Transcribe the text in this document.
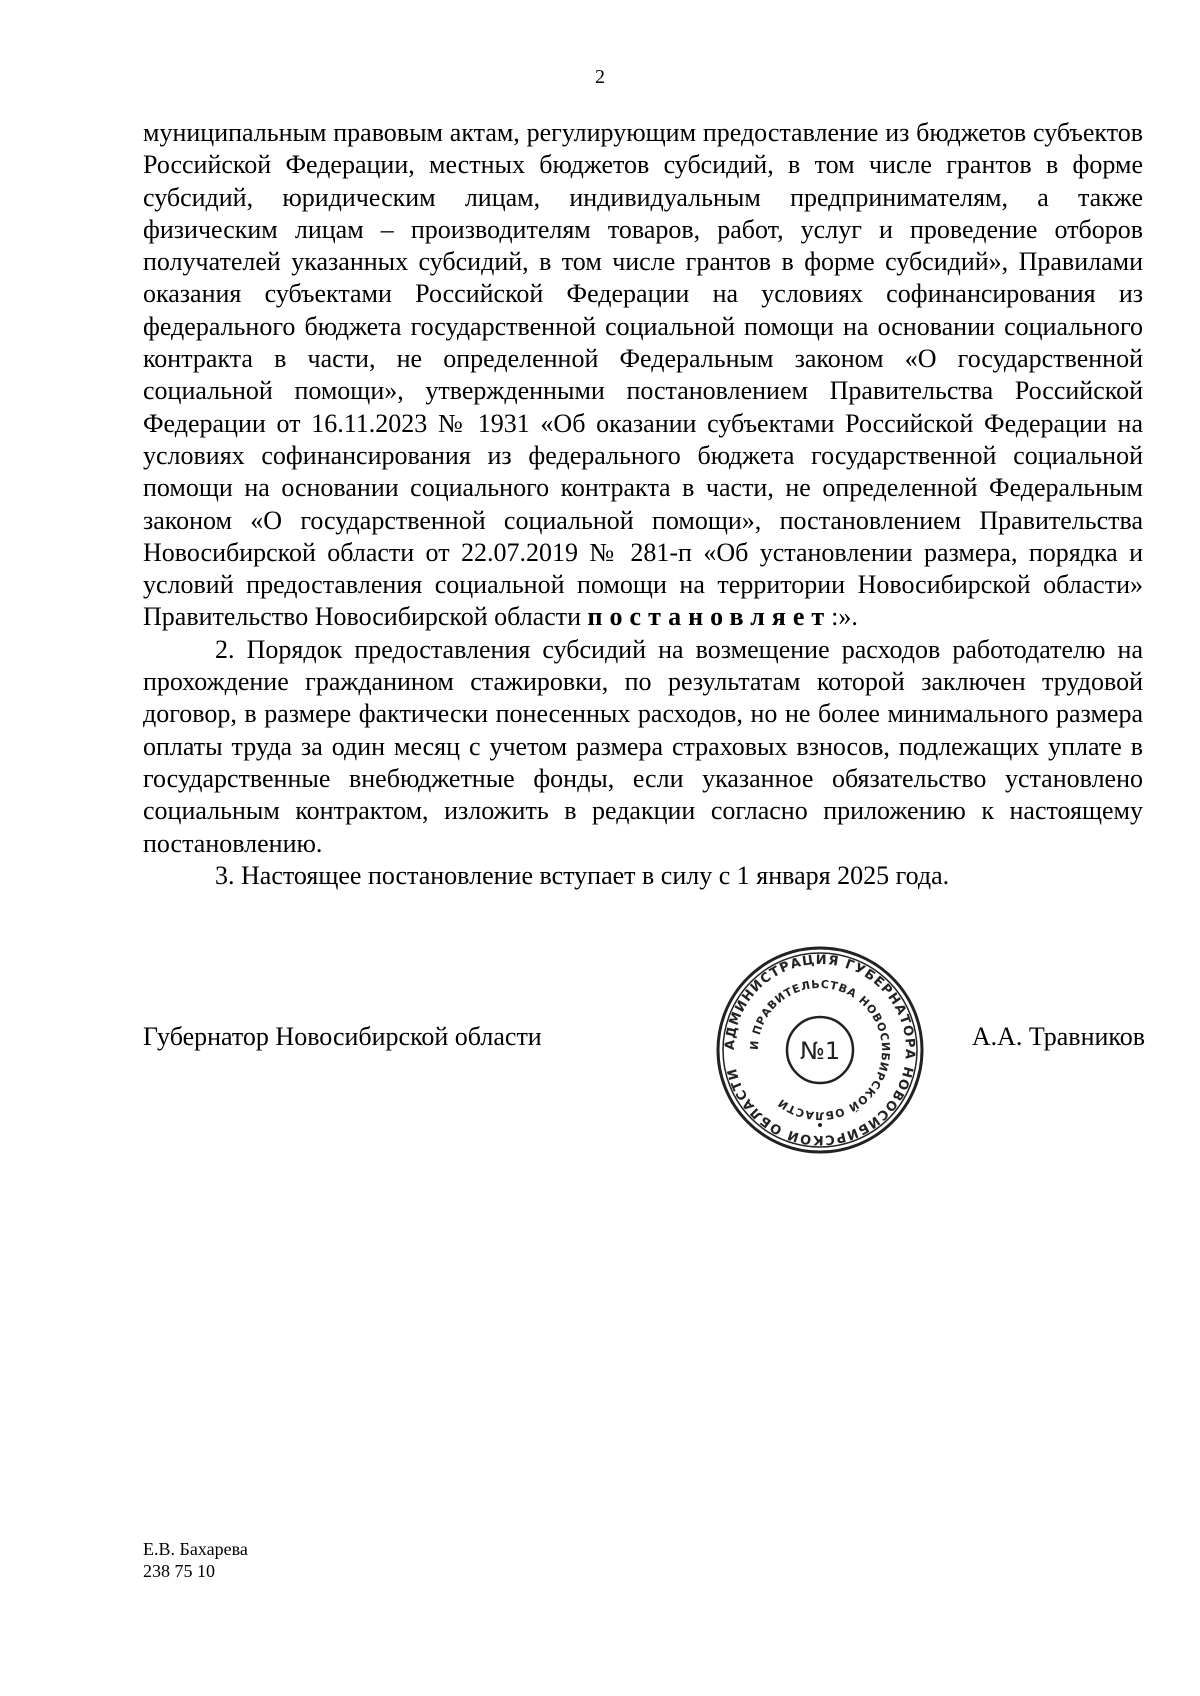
2

муниципальным правовым актам, регулирующим предоставление из бюджетов субъектов Российской Федерации, местных бюджетов субсидий, в том числе грантов в форме субсидий, юридическим лицам, индивидуальным предпринимателям, а также физическим лицам – производителям товаров, работ, услуг и проведение отборов получателей указанных субсидий, в том числе грантов в форме субсидий», Правилами оказания субъектами Российской Федерации на условиях софинансирования из федерального бюджета государственной социальной помощи на основании социального контракта в части, не определенной Федеральным законом «О государственной социальной помощи», утвержденными постановлением Правительства Российской Федерации от 16.11.2023 № 1931 «Об оказании субъектами Российской Федерации на условиях софинансирования из федерального бюджета государственной социальной помощи на основании социального контракта в части, не определенной Федеральным законом «О государственной социальной помощи», постановлением Правительства Новосибирской области от 22.07.2019 № 281-п «Об установлении размера, порядка и условий предоставления социальной помощи на территории Новосибирской области» Правительство Новосибирской области постановляет:».

2. Порядок предоставления субсидий на возмещение расходов работодателю на прохождение гражданином стажировки, по результатам которой заключен трудовой договор, в размере фактически понесенных расходов, но не более минимального размера оплаты труда за один месяц с учетом размера страховых взносов, подлежащих уплате в государственные внебюджетные фонды, если указанное обязательство установлено социальным контрактом, изложить в редакции согласно приложению к настоящему постановлению.

3. Настоящее постановление вступает в силу с 1 января 2025 года.

Губернатор Новосибирской области	АДМИНИСТРАЦИЯ ГУБЕРНАТОРА НОВОСИБИРСКОЙ ОБЛАСТИ
И ПРАВИТЕЛЬСТВА НОВОСИБИРСКОЙ ОБЛАСТИ
№1	А.А. Травников
Е.В. Бахарева
238 75 10
